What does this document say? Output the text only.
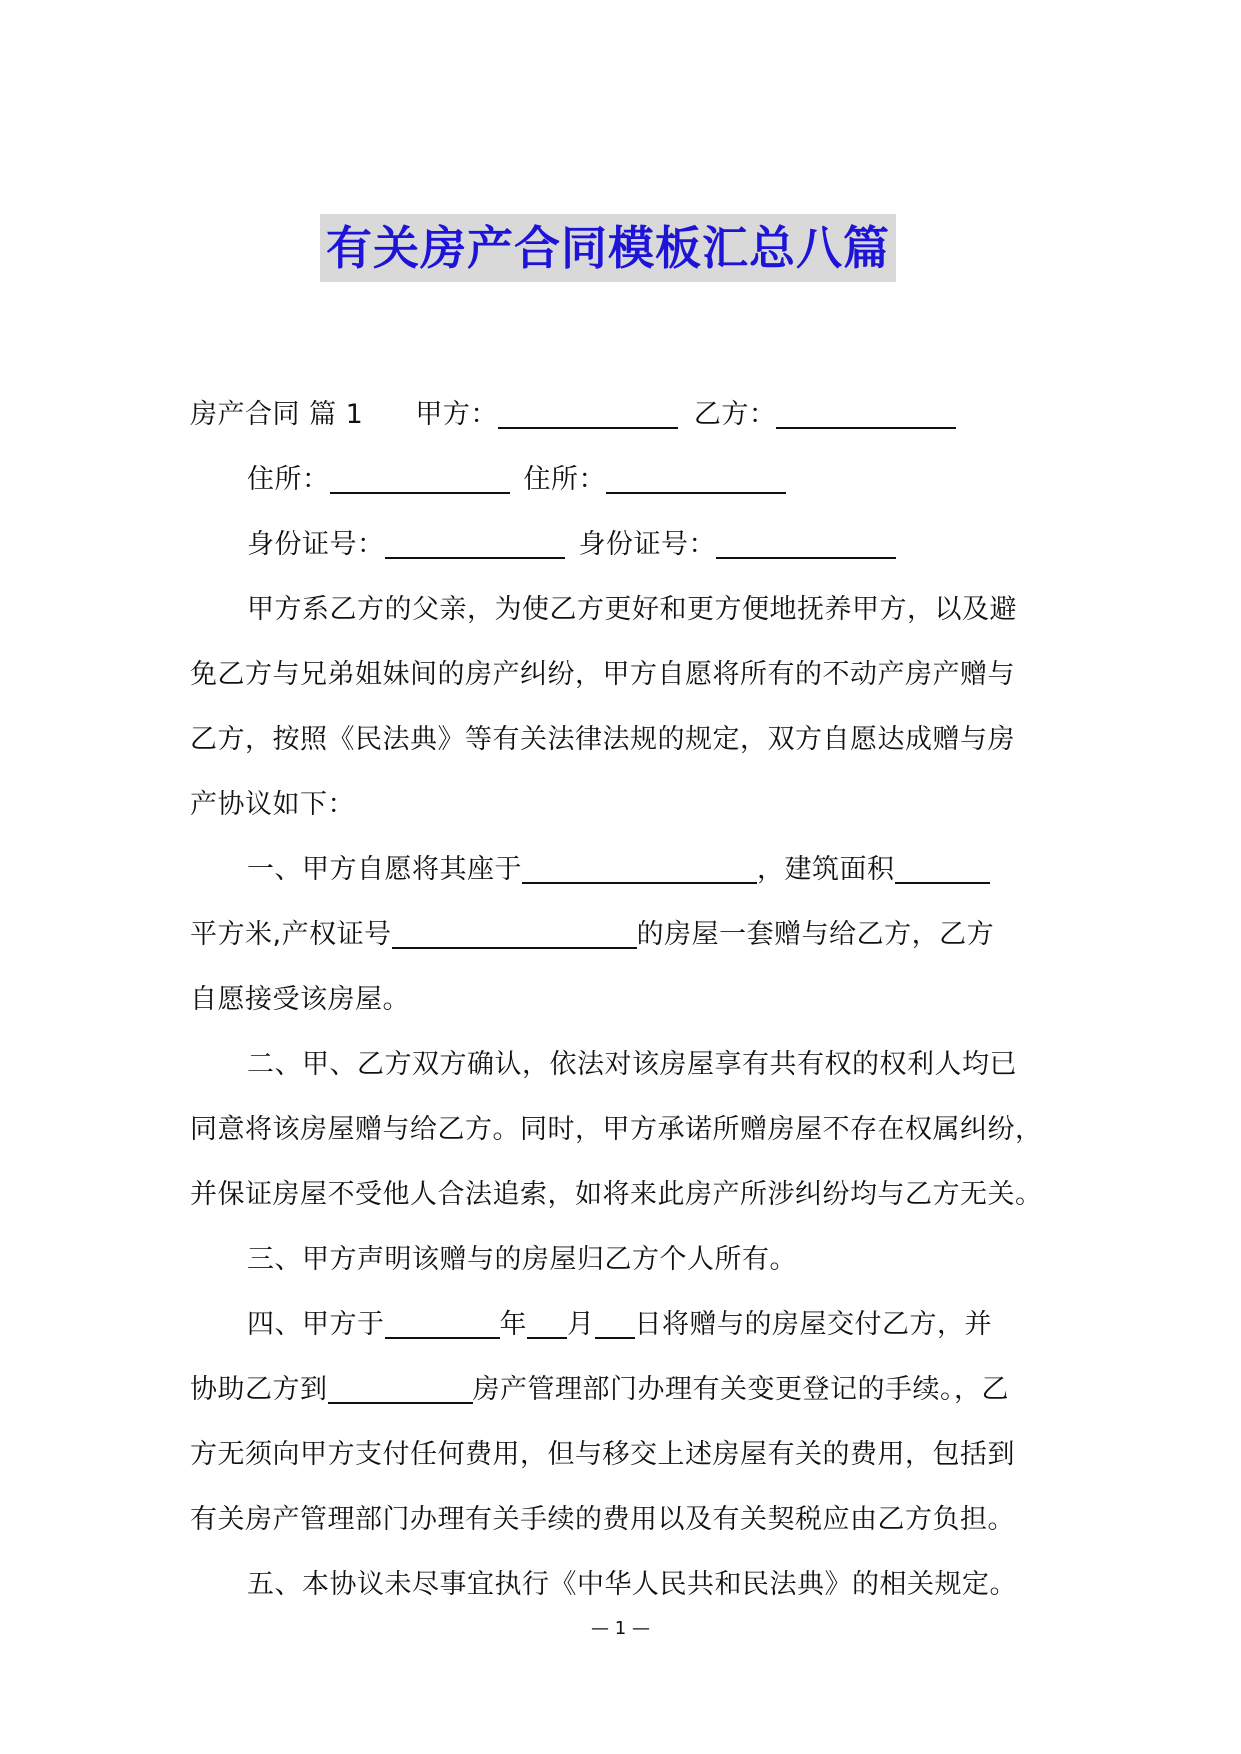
有关房产合同模板汇总八篇
房产合同 篇 1 甲方：	乙方：
住所：	住所：
身份证号：	身份证号：
甲方系乙方的父亲，为使乙方更好和更方便地抚养甲方，以及避
免乙方与兄弟姐妹间的房产纠纷，甲方自愿将所有的不动产房产赠与
乙方，按照《民法典》等有关法律法规的规定，双方自愿达成赠与房
产协议如下：
一、甲方自愿将其座于	，建筑面积
平方米,产权证号	的房屋一套赠与给乙方，乙方
自愿接受该房屋。
二、甲、乙方双方确认，依法对该房屋享有共有权的权利人均已
同意将该房屋赠与给乙方。同时，甲方承诺所赠房屋不存在权属纠纷，
并保证房屋不受他人合法追索，如将来此房产所涉纠纷均与乙方无关。
三、甲方声明该赠与的房屋归乙方个人所有。
四、甲方于	年 月 日将赠与的房屋交付乙方，并
协助乙方到	房产管理部门办理有关变更登记的手续。，乙
方无须向甲方支付任何费用，但与移交上述房屋有关的费用，包括到
有关房产管理部门办理有关手续的费用以及有关契税应由乙方负担。
五、本协议未尽事宜执行《中华人民共和民法典》的相关规定。
— 1 —
